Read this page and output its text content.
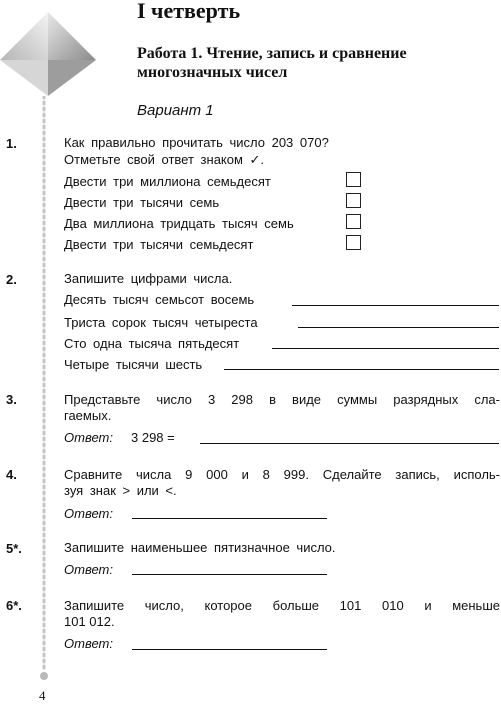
4
I четверть
Работа 1. Чтение, запись и сравнение многозначных чисел
Вариант 1
1.	Как правильно прочитать число 203 070?
Отметьте свой ответ знаком ✓.
Двести три миллиона семьдесят
Двести три тысячи семь
Два миллиона тридцать тысяч семь
Двести три тысячи семьдесят
2.	Запишите цифрами числа.
Десять тысяч семьсот восемь
Триста сорок тысяч четыреста
Сто одна тысяча пятьдесят
Четыре тысячи шесть
3.	Представьте число 3 298 в виде суммы разрядных сла-
гаемых.
Ответ: 3 298 =
4.	Сравните числа 9 000 и 8 999. Сделайте запись, исполь-
зуя знак > или <.
Ответ:
5*.	Запишите наименьшее пятизначное число.
Ответ:
6*.	Запишите число, которое больше 101 010 и меньше
101 012.
Ответ:
